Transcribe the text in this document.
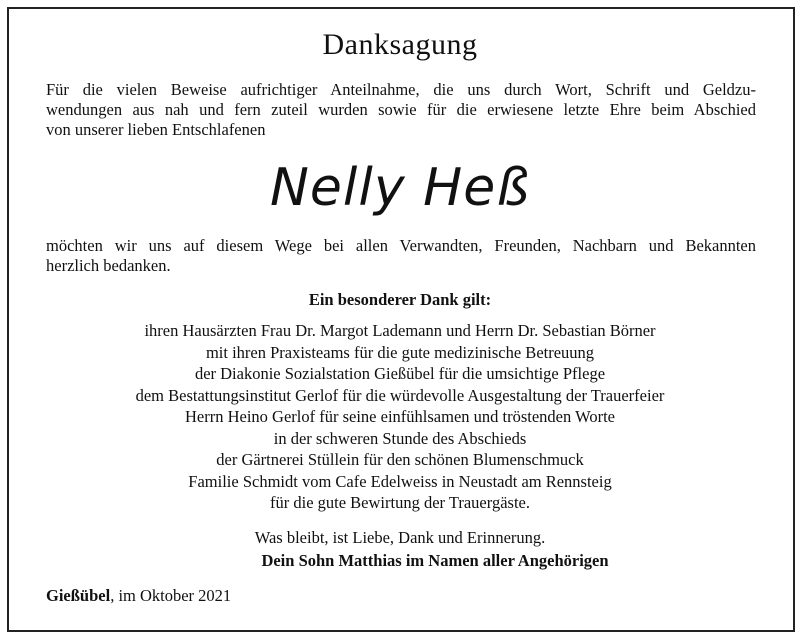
Danksagung
Für die vielen Beweise aufrichtiger Anteilnahme, die uns durch Wort, Schrift und Geldzu-
wendungen aus nah und fern zuteil wurden sowie für die erwiesene letzte Ehre beim Abschied
von unserer lieben Entschlafenen
Nelly Heß
möchten wir uns auf diesem Wege bei allen Verwandten, Freunden, Nachbarn und Bekannten
herzlich bedanken.
Ein besonderer Dank gilt:
ihren Hausärzten Frau Dr. Margot Lademann und Herrn Dr. Sebastian Börner
mit ihren Praxisteams für die gute medizinische Betreuung
der Diakonie Sozialstation Gießübel für die umsichtige Pflege
dem Bestattungsinstitut Gerlof für die würdevolle Ausgestaltung der Trauerfeier
Herrn Heino Gerlof für seine einfühlsamen und tröstenden Worte
in der schweren Stunde des Abschieds
der Gärtnerei Stüllein für den schönen Blumenschmuck
Familie Schmidt vom Cafe Edelweiss in Neustadt am Rennsteig
für die gute Bewirtung der Trauergäste.
Was bleibt, ist Liebe, Dank und Erinnerung.
Dein Sohn Matthias im Namen aller Angehörigen
Gießübel, im Oktober 2021
